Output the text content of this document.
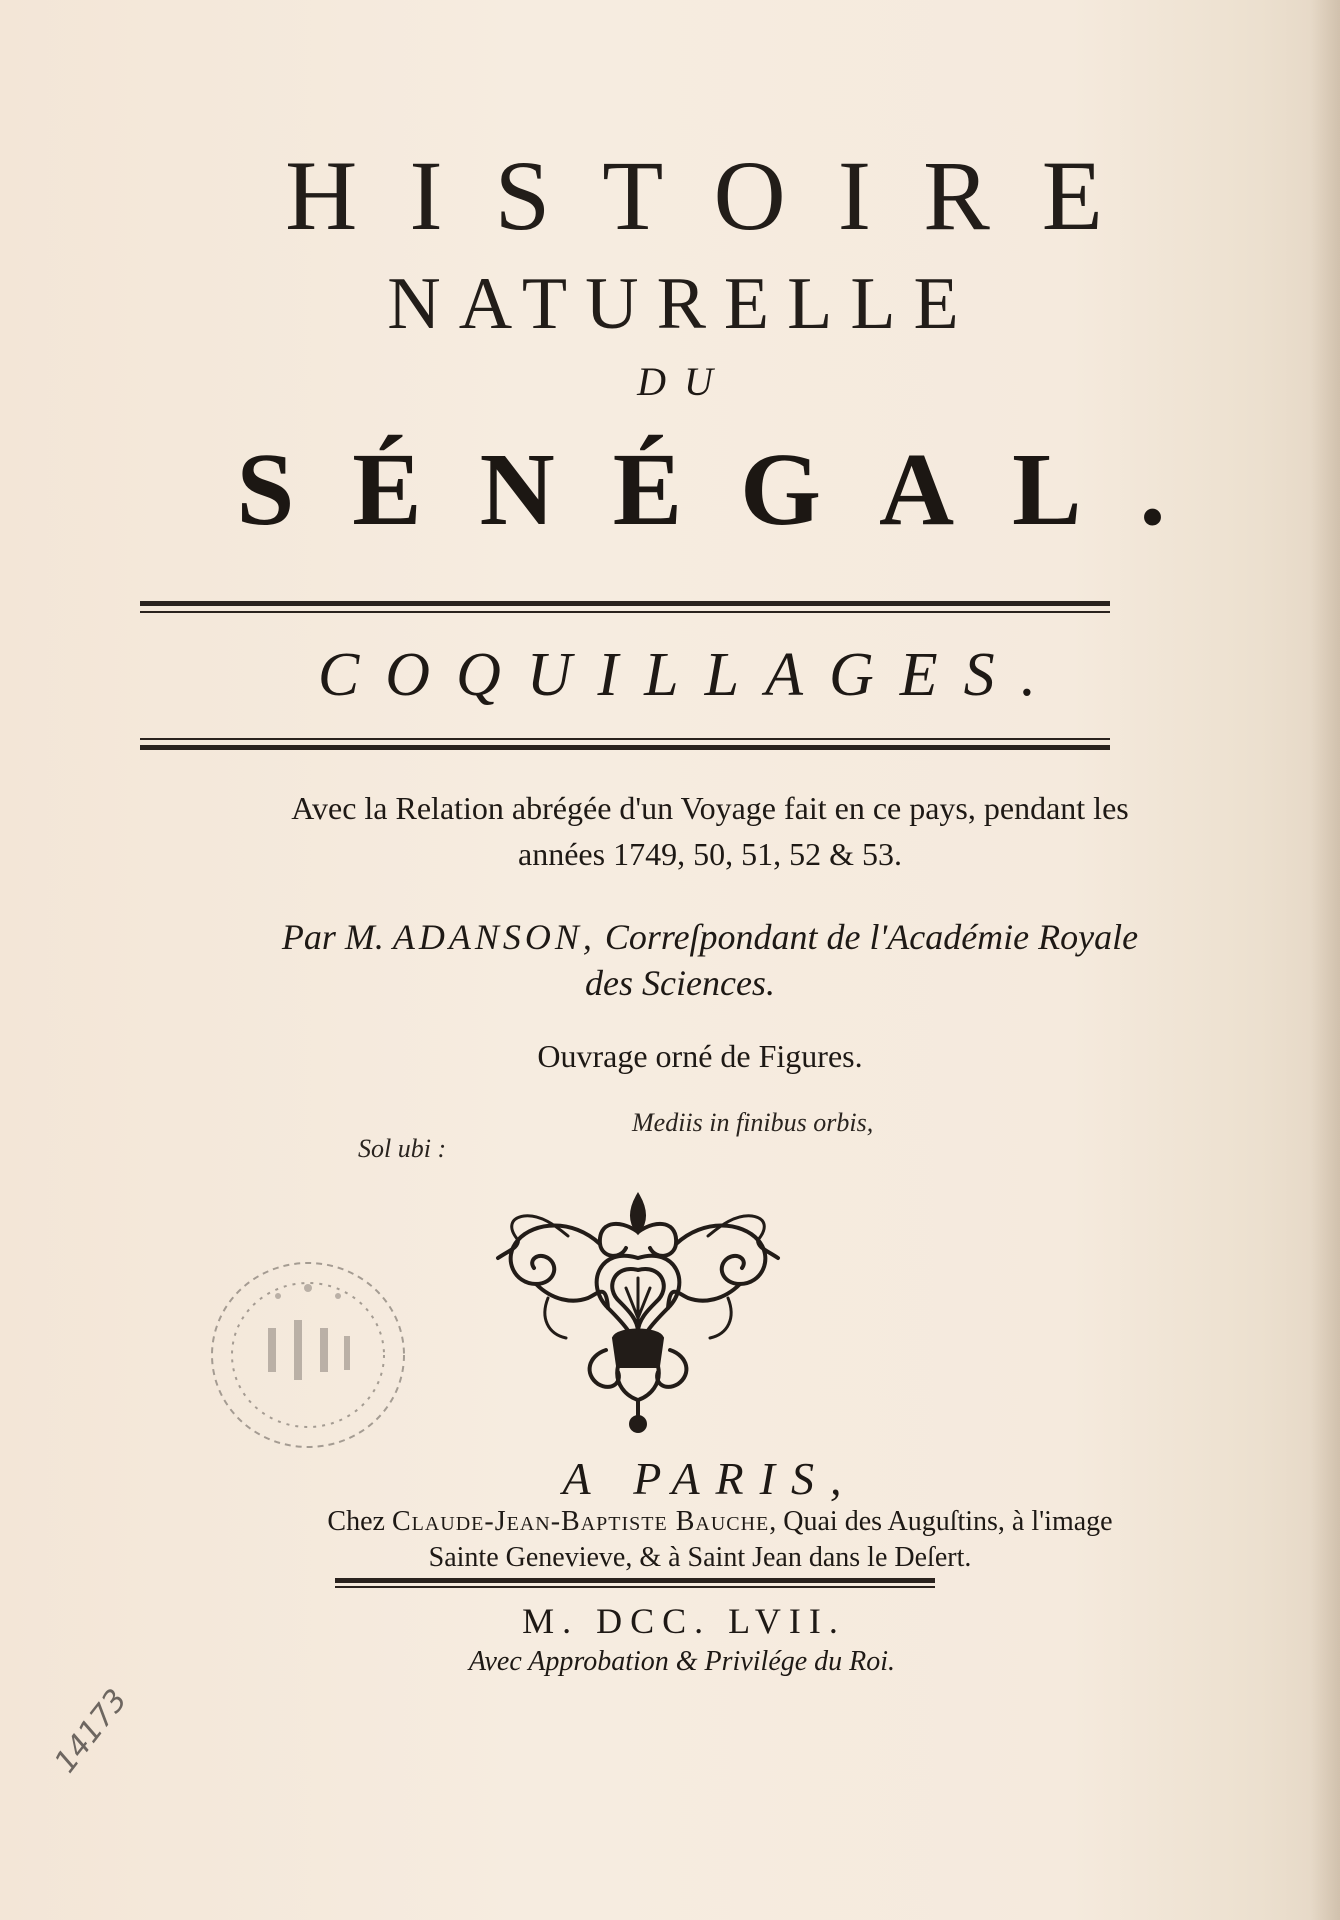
HISTOIRE
NATURELLE
DU
SÉNÉGAL.
COQUILLAGES.
Avec la Relation abrégée d'un Voyage fait en ce pays, pendant les
années 1749, 50, 51, 52 & 53.
Par M. ADANSON, Correſpondant de l'Académie Royale
des Sciences.
Ouvrage orné de Figures.
Mediis in finibus orbis,
Sol ubi :
A PARIS,
Chez Claude-Jean-Baptiste Bauche, Quai des Auguſtins, à l'image
Sainte Genevieve, & à Saint Jean dans le Deſert.
M. DCC. LVII.
Avec Approbation & Privilége du Roi.
14173
